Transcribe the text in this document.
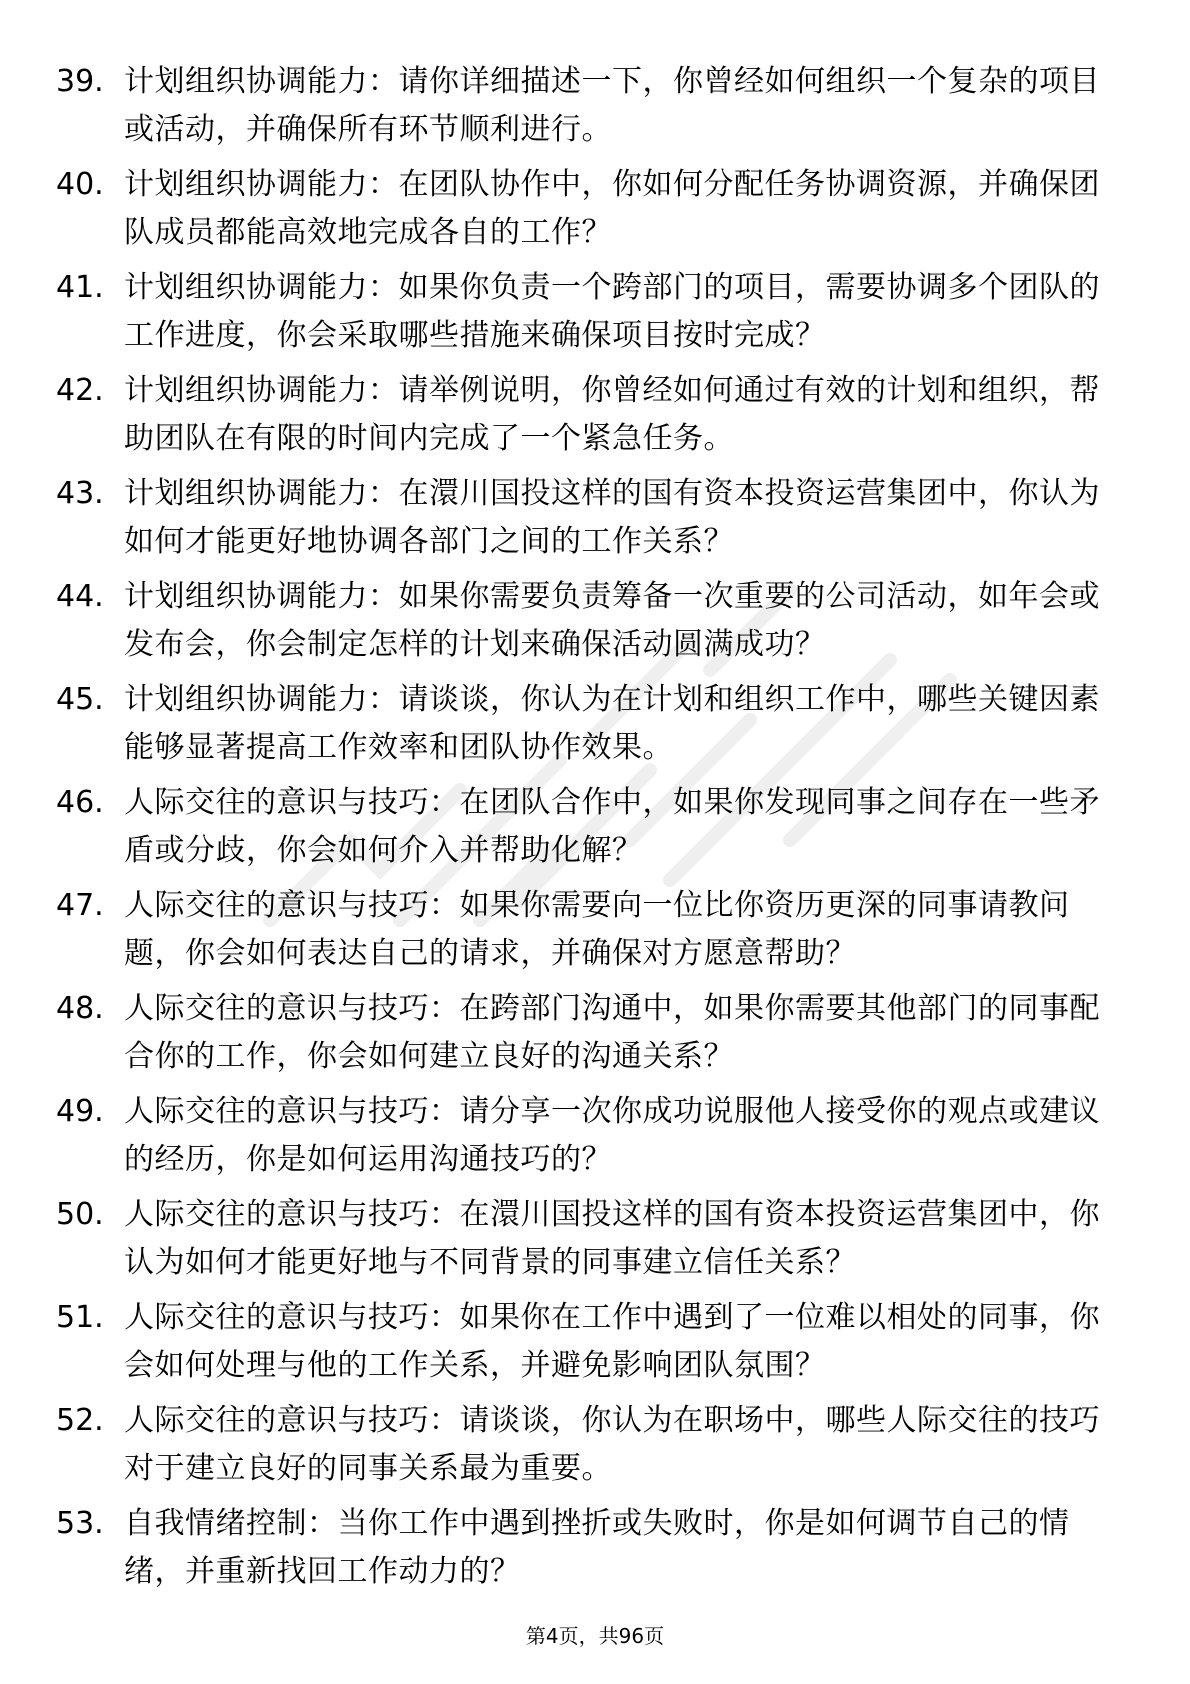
39. 计划组织协调能力：请你详细描述一下，你曾经如何组织一个复杂的项目或活动，并确保所有环节顺利进行。
40. 计划组织协调能力：在团队协作中，你如何分配任务协调资源，并确保团队成员都能高效地完成各自的工作？
41. 计划组织协调能力：如果你负责一个跨部门的项目，需要协调多个团队的工作进度，你会采取哪些措施来确保项目按时完成？
42. 计划组织协调能力：请举例说明，你曾经如何通过有效的计划和组织，帮助团队在有限的时间内完成了一个紧急任务。
43. 计划组织协调能力：在澴川国投这样的国有资本投资运营集团中，你认为如何才能更好地协调各部门之间的工作关系？
44. 计划组织协调能力：如果你需要负责筹备一次重要的公司活动，如年会或发布会，你会制定怎样的计划来确保活动圆满成功？
45. 计划组织协调能力：请谈谈，你认为在计划和组织工作中，哪些关键因素能够显著提高工作效率和团队协作效果。
46. 人际交往的意识与技巧：在团队合作中，如果你发现同事之间存在一些矛盾或分歧，你会如何介入并帮助化解？
47. 人际交往的意识与技巧：如果你需要向一位比你资历更深的同事请教问题，你会如何表达自己的请求，并确保对方愿意帮助？
48. 人际交往的意识与技巧：在跨部门沟通中，如果你需要其他部门的同事配合你的工作，你会如何建立良好的沟通关系？
49. 人际交往的意识与技巧：请分享一次你成功说服他人接受你的观点或建议的经历，你是如何运用沟通技巧的？
50. 人际交往的意识与技巧：在澴川国投这样的国有资本投资运营集团中，你认为如何才能更好地与不同背景的同事建立信任关系？
51. 人际交往的意识与技巧：如果你在工作中遇到了一位难以相处的同事，你会如何处理与他的工作关系，并避免影响团队氛围？
52. 人际交往的意识与技巧：请谈谈，你认为在职场中，哪些人际交往的技巧对于建立良好的同事关系最为重要。
53. 自我情绪控制：当你工作中遇到挫折或失败时，你是如何调节自己的情绪，并重新找回工作动力的？
第4页，共96页
